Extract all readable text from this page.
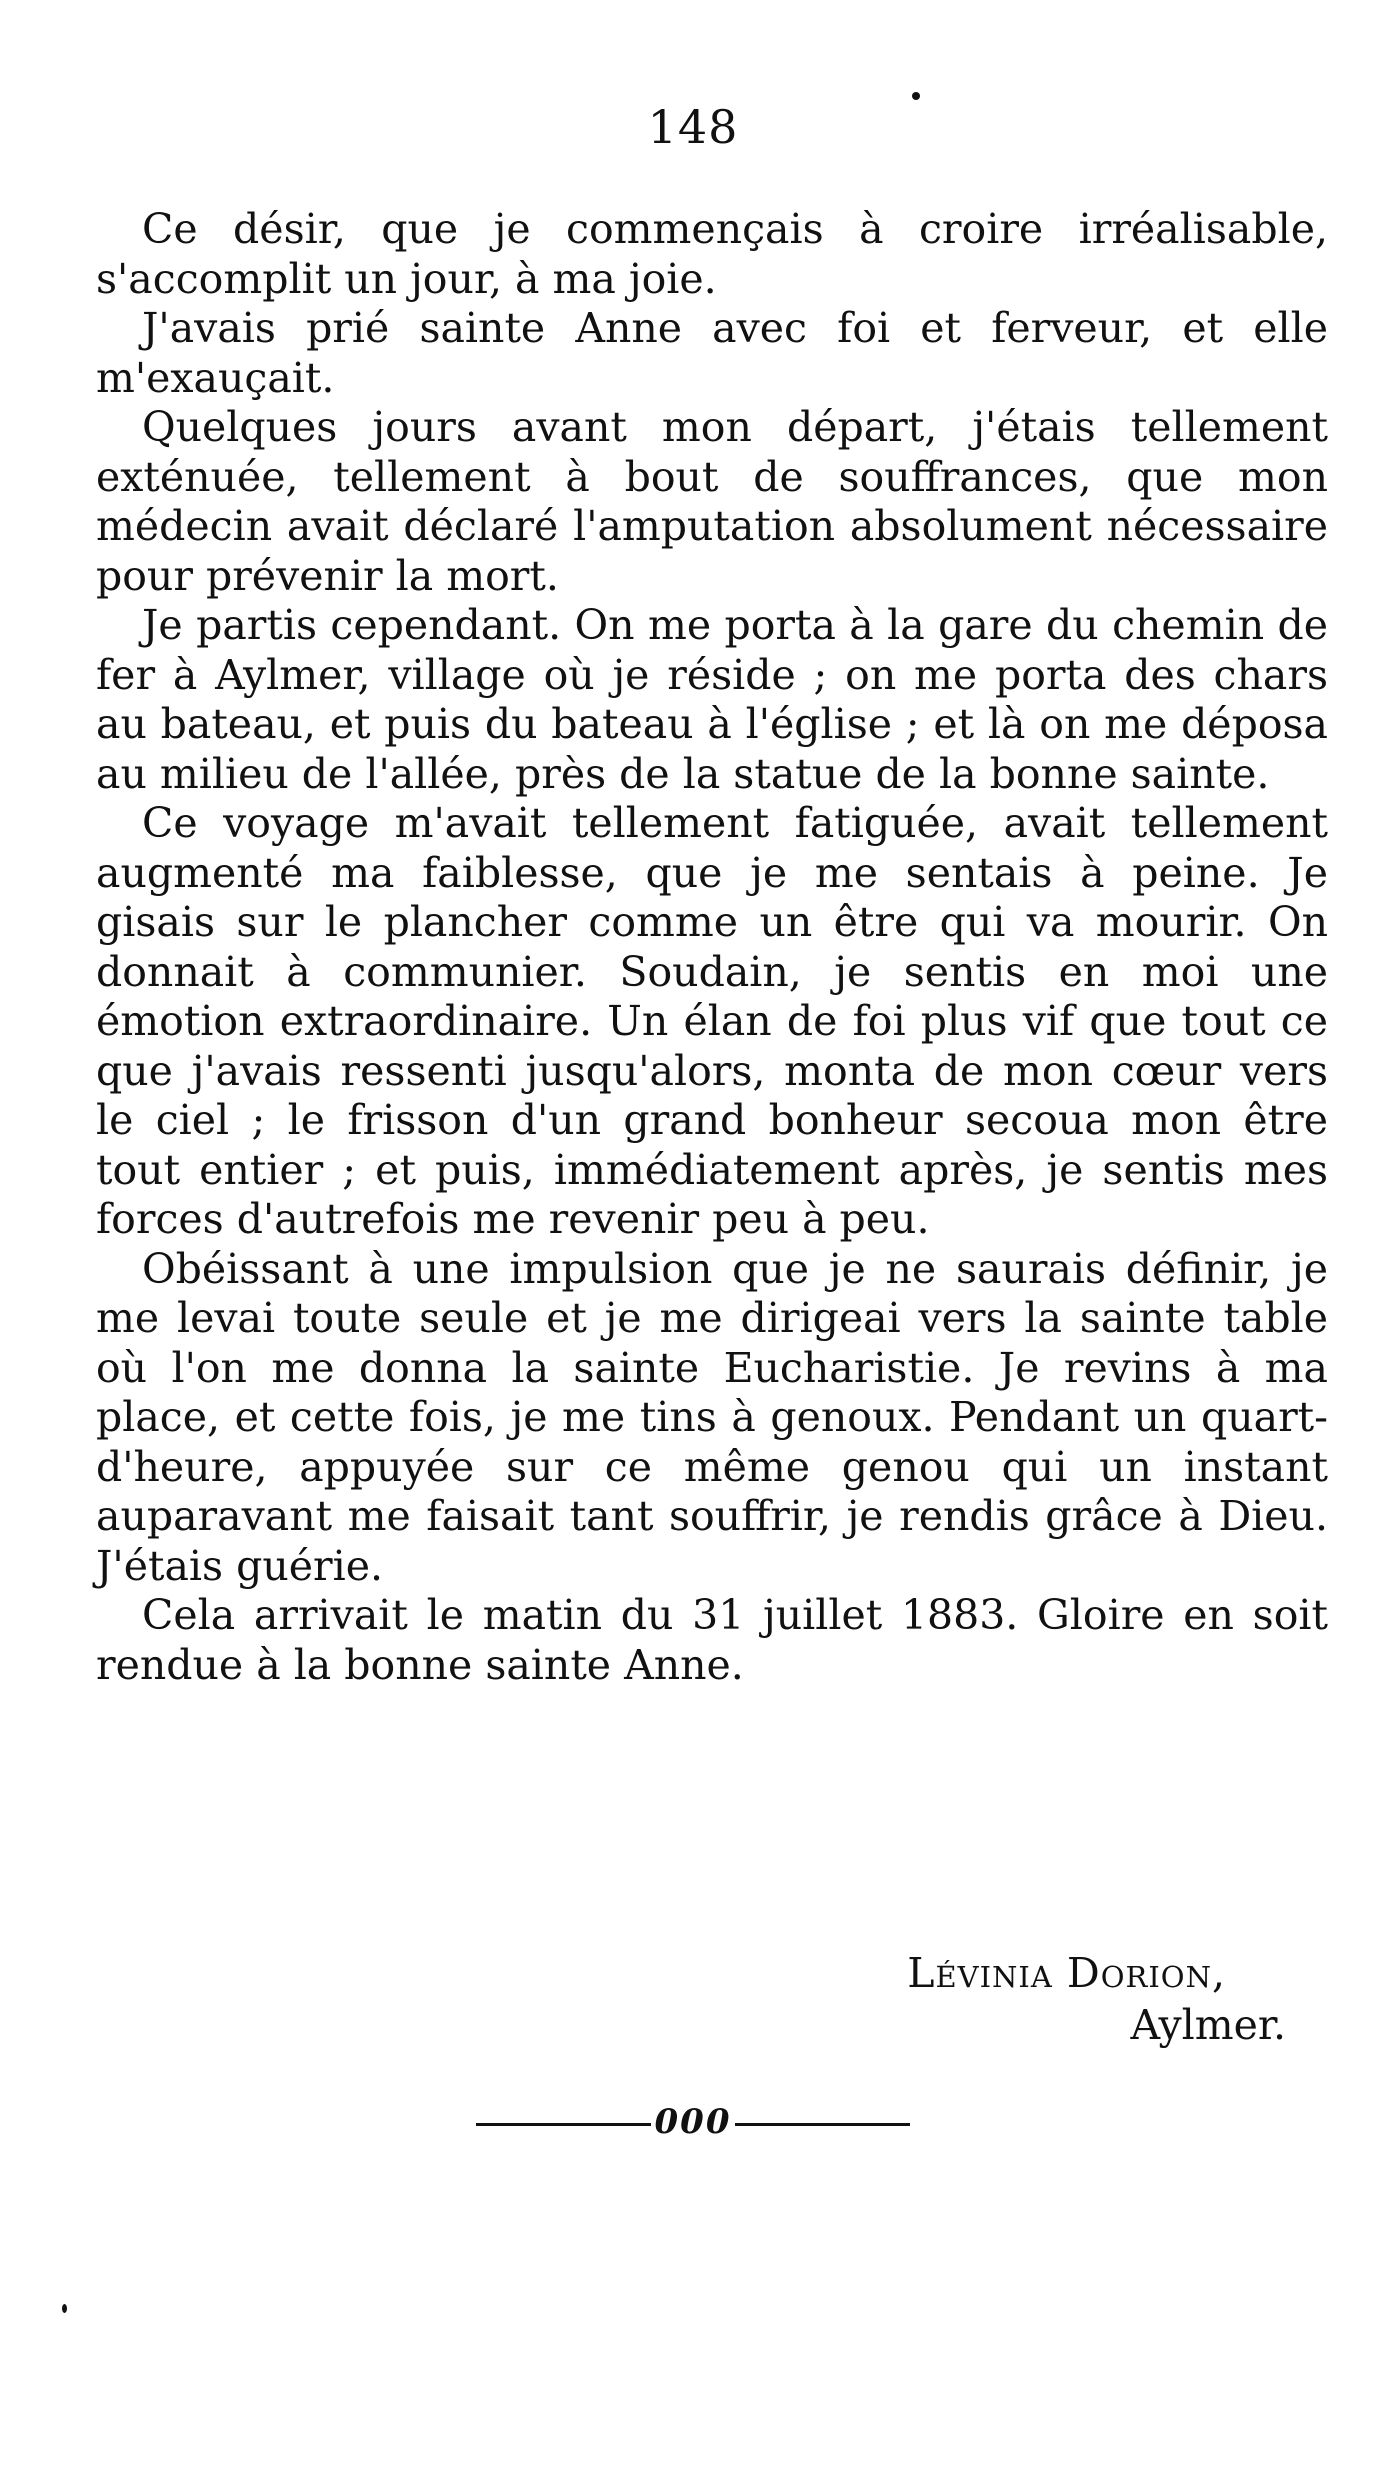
148

Ce désir, que je commençais à croire irréalisable, s'accomplit un jour, à ma joie.

J'avais prié sainte Anne avec foi et ferveur, et elle m'exauçait.

Quelques jours avant mon départ, j'étais tellement exténuée, tellement à bout de souffrances, que mon médecin avait déclaré l'amputation absolument nécessaire pour prévenir la mort.

Je partis cependant. On me porta à la gare du chemin de fer à Aylmer, village où je réside ; on me porta des chars au bateau, et puis du bateau à l'église ; et là on me déposa au milieu de l'allée, près de la statue de la bonne sainte.

Ce voyage m'avait tellement fatiguée, avait tellement augmenté ma faiblesse, que je me sentais à peine. Je gisais sur le plancher comme un être qui va mourir. On donnait à communier. Soudain, je sentis en moi une émotion extraordinaire. Un élan de foi plus vif que tout ce que j'avais ressenti jusqu'alors, monta de mon cœur vers le ciel ; le frisson d'un grand bonheur secoua mon être tout entier ; et puis, immédiatement après, je sentis mes forces d'autrefois me revenir peu à peu.

Obéissant à une impulsion que je ne saurais définir, je me levai toute seule et je me dirigeai vers la sainte table où l'on me donna la sainte Eucharistie. Je revins à ma place, et cette fois, je me tins à genoux. Pendant un quart-d'heure, appuyée sur ce même genou qui un instant auparavant me faisait tant souffrir, je rendis grâce à Dieu. J'étais guérie.

Cela arrivait le matin du 31 juillet 1883. Gloire en soit rendue à la bonne sainte Anne.

Lévinia Dorion,
Aylmer.
000
